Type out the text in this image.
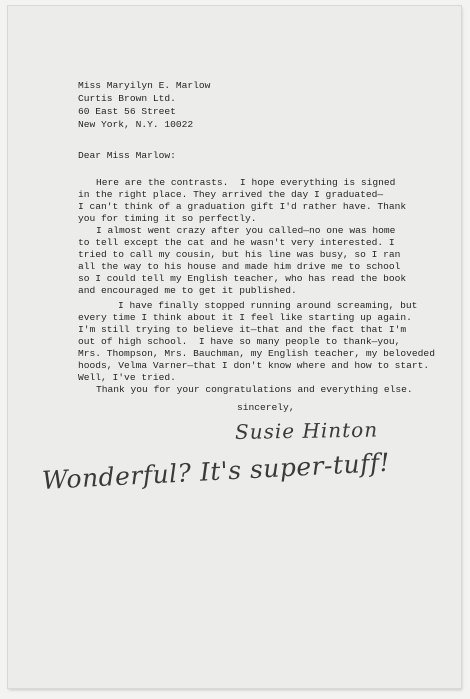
Miss Maryilyn E. Marlow
Curtis Brown Ltd.
60 East 56 Street
New York, N.Y. 10022
Dear Miss Marlow:
Here are the contrasts.  I hope everything is signed
in the right place. They arrived the day I graduated—
I can't think of a graduation gift I'd rather have. Thank
you for timing it so perfectly.
I almost went crazy after you called—no one was home
to tell except the cat and he wasn't very interested. I
tried to call my cousin, but his line was busy, so I ran
all the way to his house and made him drive me to school
so I could tell my English teacher, who has read the book
and encouraged me to get it published.
I have finally stopped running around screaming, but
every time I think about it I feel like starting up again.
I'm still trying to believe it—that and the fact that I'm
out of high school.  I have so many people to thank—you,
Mrs. Thompson, Mrs. Bauchman, my English teacher, my beloveded
hoods, Velma Varner—that I don't know where and how to start.
Well, I've tried.
Thank you for your congratulations and everything else.
sincerely,
Susie Hinton
Wonderful? It's super-tuff!
